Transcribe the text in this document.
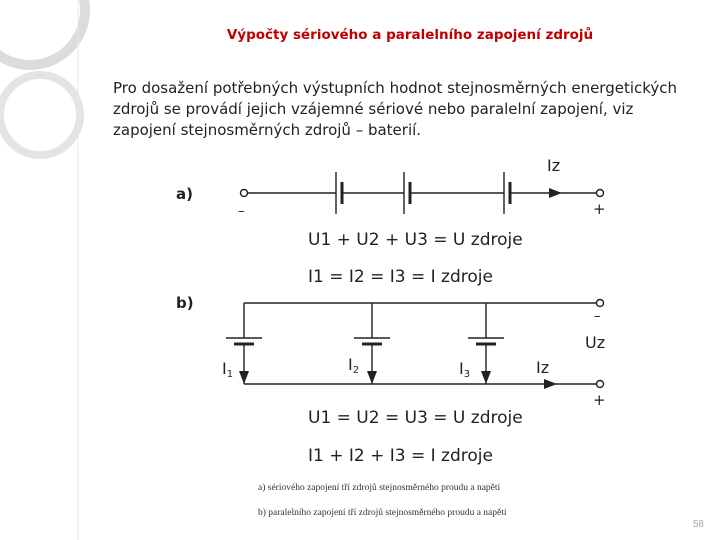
Výpočty sériového a paralelního zapojení zdrojů
Pro dosažení potřebných výstupních hodnot stejnosměrných energetických zdrojů se provádí jejich vzájemné sériové nebo paralelní zapojení, viz zapojení stejnosměrných zdrojů – baterií.
a)
Iz
–	+
U1 + U2 + U3 = U zdroje
I1 = I2 = I3 = I zdroje
b)
–
Uz
Iz
+
I1
I2	I3
U1 = U2 = U3 = U zdroje
I1 + I2 + I3 = I zdroje
a) sériového zapojení tří zdrojů stejnosměrného proudu a napětí
b) paralelního zapojení tří zdrojů stejnosměrného proudu a napětí
58
